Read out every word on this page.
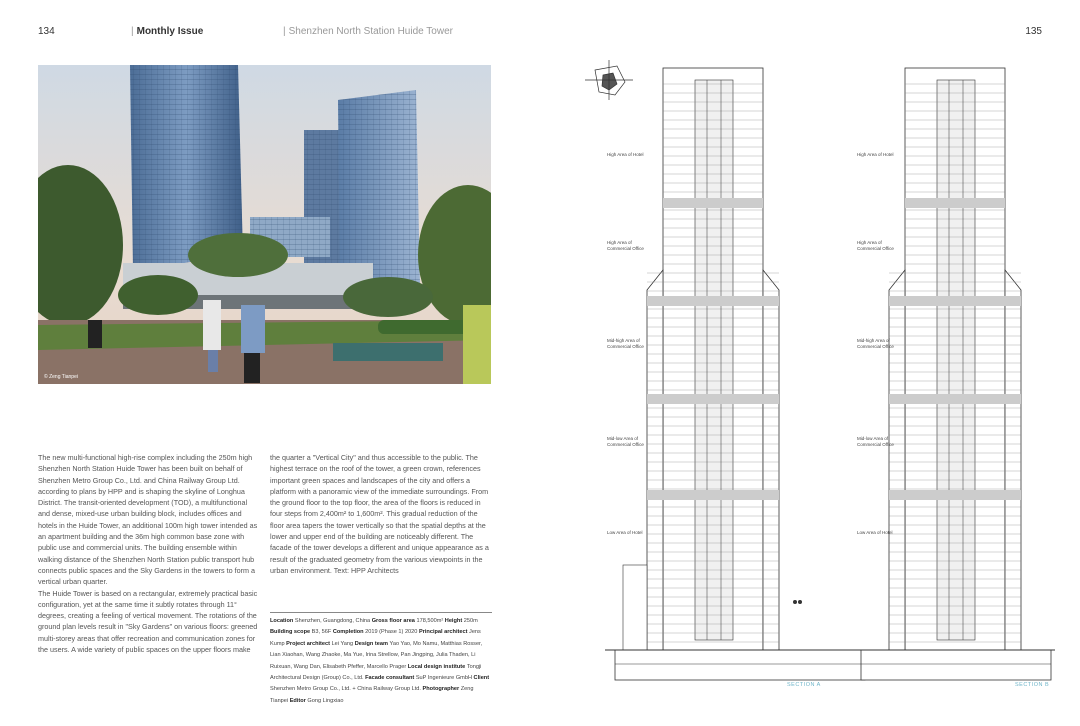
134	| Monthly Issue	| Shenzhen North Station Huide Tower	135
© Zeng Tianpei

The new multi-functional high-rise complex including the 250m high Shenzhen North Station Huide Tower has been built on behalf of Shenzhen Metro Group Co., Ltd. and China Railway Group Ltd. according to plans by HPP and is shaping the skyline of Longhua District. The transit-oriented development (TOD), a multifunctional and dense, mixed-use urban building block, includes offices and hotels in the Huide Tower, an additional 100m high tower intended as an apartment building and the 36m high common base zone with public use and commercial units. The building ensemble within walking distance of the Shenzhen North Station public transport hub connects public spaces and the Sky Gardens in the towers to form a vertical urban quarter.

The Huide Tower is based on a rectangular, extremely practical basic configuration, yet at the same time it subtly rotates through 11° degrees, creating a feeling of vertical movement. The rotations of the ground plan levels result in "Sky Gardens" on various floors: greened multi-storey areas that offer recreation and communication zones for the users. A wide variety of public spaces on the upper floors make

the quarter a "Vertical City" and thus accessible to the public. The highest terrace on the roof of the tower, a green crown, references important green spaces and landscapes of the city and offers a platform with a panoramic view of the immediate surroundings. From the ground floor to the top floor, the area of the floors is reduced in four steps from 2,400m² to 1,600m². This gradual reduction of the floor area tapers the tower vertically so that the spatial depths at the lower and upper end of the building are noticeably different. The facade of the tower develops a different and unique appearance as a result of the graduated geometry from the various viewpoints in the urban environment. Text: HPP Architects

Location Shenzhen, Guangdong, China Gross floor area 178,500m² Height 250m Building scope B3, 56F Completion 2019 (Phase 1) 2020 Principal architect Jens Kump Project architect Lei Yang Design team Yao Yao, Mo Namu, Matthias Rosser, Lian Xiaohan, Wang Zhaoke, Ma Yue, Irina Strellow, Pan Jingping, Julia Thaden, Li Ruixuan, Wang Dan, Elisabeth Pfeffer, Marcello Prager Local design institute Tongji Architectural Design (Group) Co., Ltd. Facade consultant SuP Ingenieure GmbH Client Shenzhen Metro Group Co., Ltd. + China Railway Group Ltd. Photographer Zeng Tianpei Editor Gong Lingxiao
High Area of Hotel
High Area of Commercial Office
Mid-high Area of Commercial Office
Mid-low Area of Commercial Office
Low Area of Hotel
High Area of Hotel
High Area of Commercial Office
Mid-high Area of Commercial Office
Mid-low Area of Commercial Office
Low Area of Hotel
SECTION A	SECTION B
